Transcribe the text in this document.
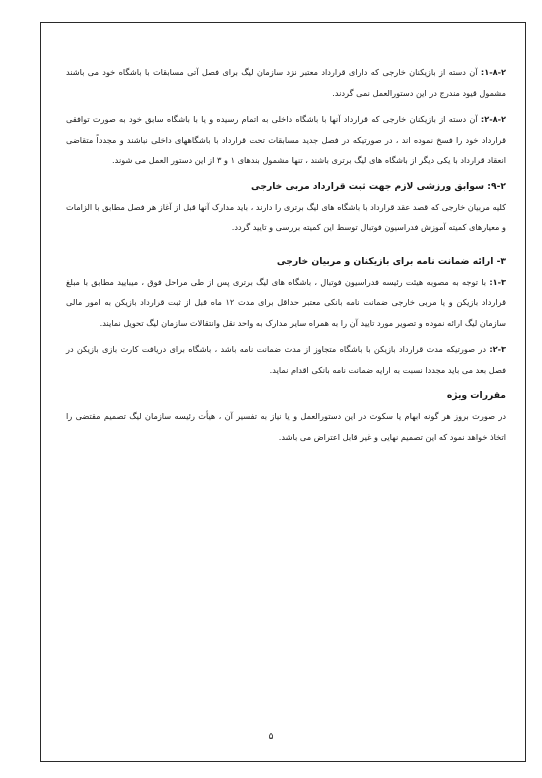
۱-۸-۲: آن دسته از بازیکنان خارجی که دارای قرارداد معتبر نزد سازمان لیگ برای فصل آتی مسابقات با باشگاه خود می باشند مشمول قیود مندرج در این دستورالعمل نمی گردند.

۲-۸-۲: آن دسته از بازیکنان خارجی که قرارداد آنها با باشگاه داخلی به اتمام رسیده و یا با باشگاه سابق خود به صورت توافقی قرارداد خود را فسخ نموده اند ، در صورتیکه در فصل جدید مسابقات تحت قرارداد با باشگاههای داخلی نباشند و مجدداً متقاضی انعقاد قرارداد با یکی دیگر از باشگاه های لیگ برتری باشند ، تنها مشمول بندهای ۱ و ۳ از این دستور العمل می شوند.

۹-۲: سوابق ورزشی لازم جهت ثبت قرارداد مربی خارجی

کلیه مربیان خارجی که قصد عقد قرارداد با باشگاه های لیگ برتری را دارند ، باید مدارک آنها قبل از آغاز هر فصل مطابق با الزامات و معیارهای کمیته آموزش فدراسیون فوتبال توسط این کمیته بررسی و تایید گردد.

۳- ارائه ضمانت نامه برای بازیکنان و مربیان خارجی

۱-۳: با توجه به مصوبه هیئت رئیسه فدراسیون فوتبال ، باشگاه های لیگ برتری پس از طی مراحل فوق ، میبایید مطابق با مبلغ قرارداد بازیکن و یا مربی خارجی ضمانت نامه بانکی معتبر حداقل برای مدت ۱۲ ماه قبل از ثبت قرارداد بازیکن به امور مالی سازمان لیگ ارائه نموده و تصویر مورد تایید آن را به همراه سایر مدارک به واحد نقل وانتقالات سازمان لیگ تحویل نمایند.

۲-۳: در صورتیکه مدت قرارداد بازیکن با باشگاه متجاوز از مدت ضمانت نامه باشد ، باشگاه برای دریافت کارت بازی بازیکن در فصل بعد می باید مجددا نسبت به ارایه ضمانت نامه بانکی اقدام نماید.

مقررات ویژه

در صورت بروز هر گونه ابهام یا سکوت در این دستورالعمل و یا نیاز به تفسیر آن ، هیأت رئیسه سازمان لیگ تصمیم مقتضی را اتخاذ خواهد نمود که این تصمیم نهایی و غیر قابل اعتراض می باشد.

۵
